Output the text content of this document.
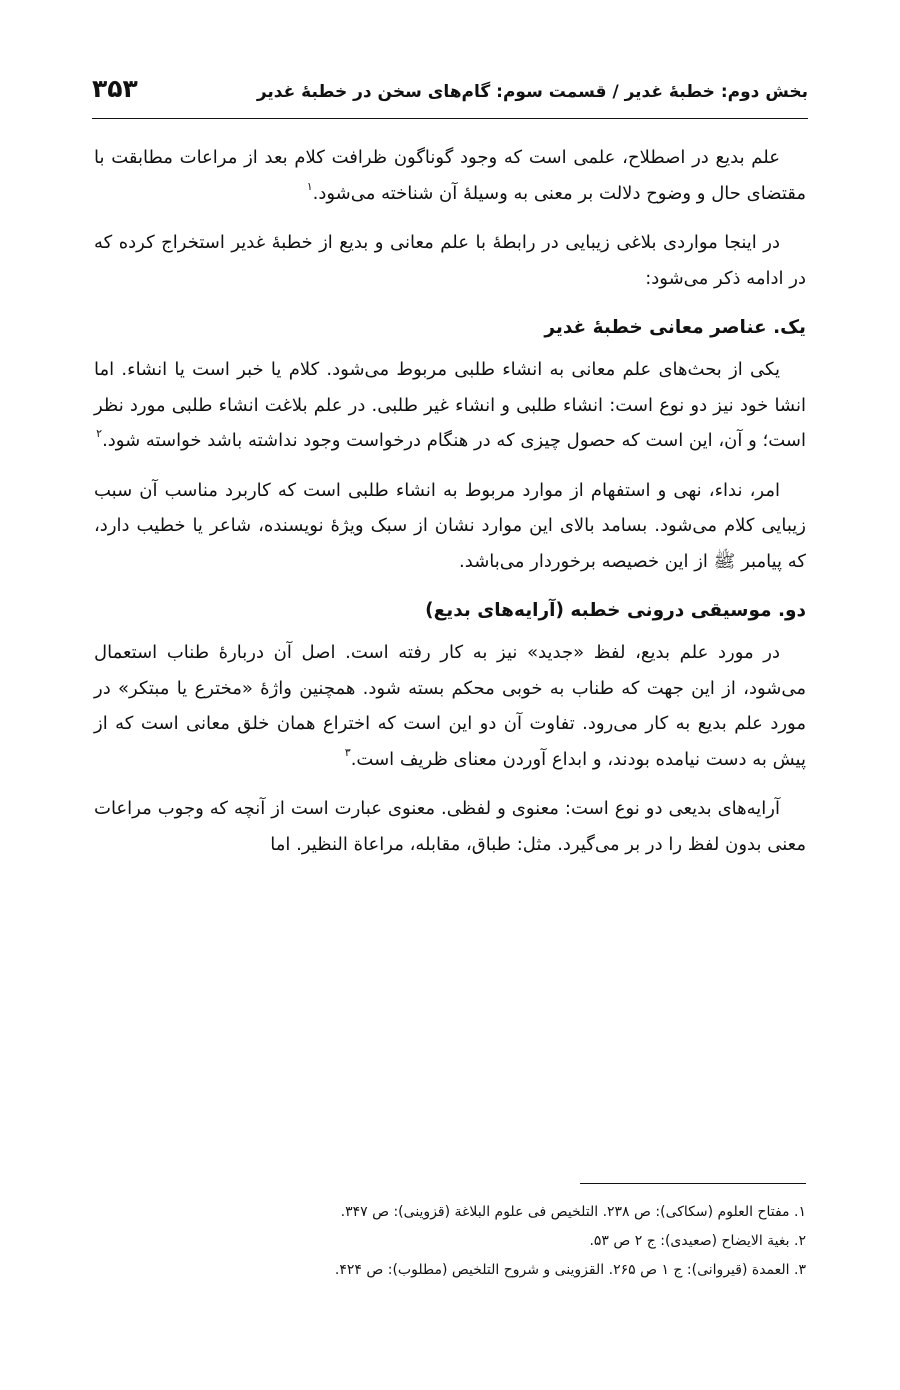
بخش دوم: خطبهٔ غدیر / قسمت سوم: گام‌های سخن در خطبهٔ غدیر
۳۵۳

علم بدیع در اصطلاح، علمی است که وجود گوناگون ظرافت کلام بعد از مراعات مطابقت با مقتضای حال و وضوح دلالت بر معنی به وسیلهٔ آن شناخته می‌شود.$^۱$

در اینجا مواردی بلاغی زیبایی در رابطهٔ با علم معانی و بدیع از خطبهٔ غدیر استخراج کرده که در ادامه ذکر می‌شود:

یک. عناصر معانی خطبهٔ غدیر

یکی از بحث‌های علم معانی به انشاء طلبی مربوط می‌شود. کلام یا خبر است یا انشاء. اما انشا خود نیز دو نوع است: انشاء طلبی و انشاء غیر طلبی. در علم بلاغت انشاء طلبی مورد نظر است؛ و آن، این است که حصول چیزی که در هنگام درخواست وجود نداشته باشد خواسته شود.$^۲$

امر، نداء، نهی و استفهام از موارد مربوط به انشاء طلبی است که کاربرد مناسب آن سبب زیبایی کلام می‌شود. بسامد بالای این موارد نشان از سبک ویژهٔ نویسنده، شاعر یا خطیب دارد، که پیامبر ﷺ از این خصیصه برخوردار می‌باشد.

دو. موسیقی درونی خطبه (آرایه‌های بدیع)

در مورد علم بدیع، لفظ «جدید» نیز به کار رفته است. اصل آن دربارهٔ طناب استعمال می‌شود، از این جهت که طناب به خوبی محکم بسته شود. همچنین واژهٔ «مخترع یا مبتکر» در مورد علم بدیع به کار می‌رود. تفاوت آن دو این است که اختراع همان خلق معانی است که از پیش به دست نیامده بودند، و ابداع آوردن معنای ظریف است.$^۳$

آرایه‌های بدیعی دو نوع است: معنوی و لفظی. معنوی عبارت است از آنچه که وجوب مراعات معنی بدون لفظ را در بر می‌گیرد. مثل: طباق، مقابله، مراعاة النظیر. اما

۱. مفتاح العلوم (سکاکی): ص ۲۳۸. التلخیص فی علوم البلاغة (قزوینی): ص ۳۴۷.
۲. بغیة الایضاح (صعیدی): ج ۲ ص ۵۳.
۳. العمدة (قیروانی): ج ۱ ص ۲۶۵. القزوینی و شروح التلخیص (مطلوب): ص ۴۲۴.
